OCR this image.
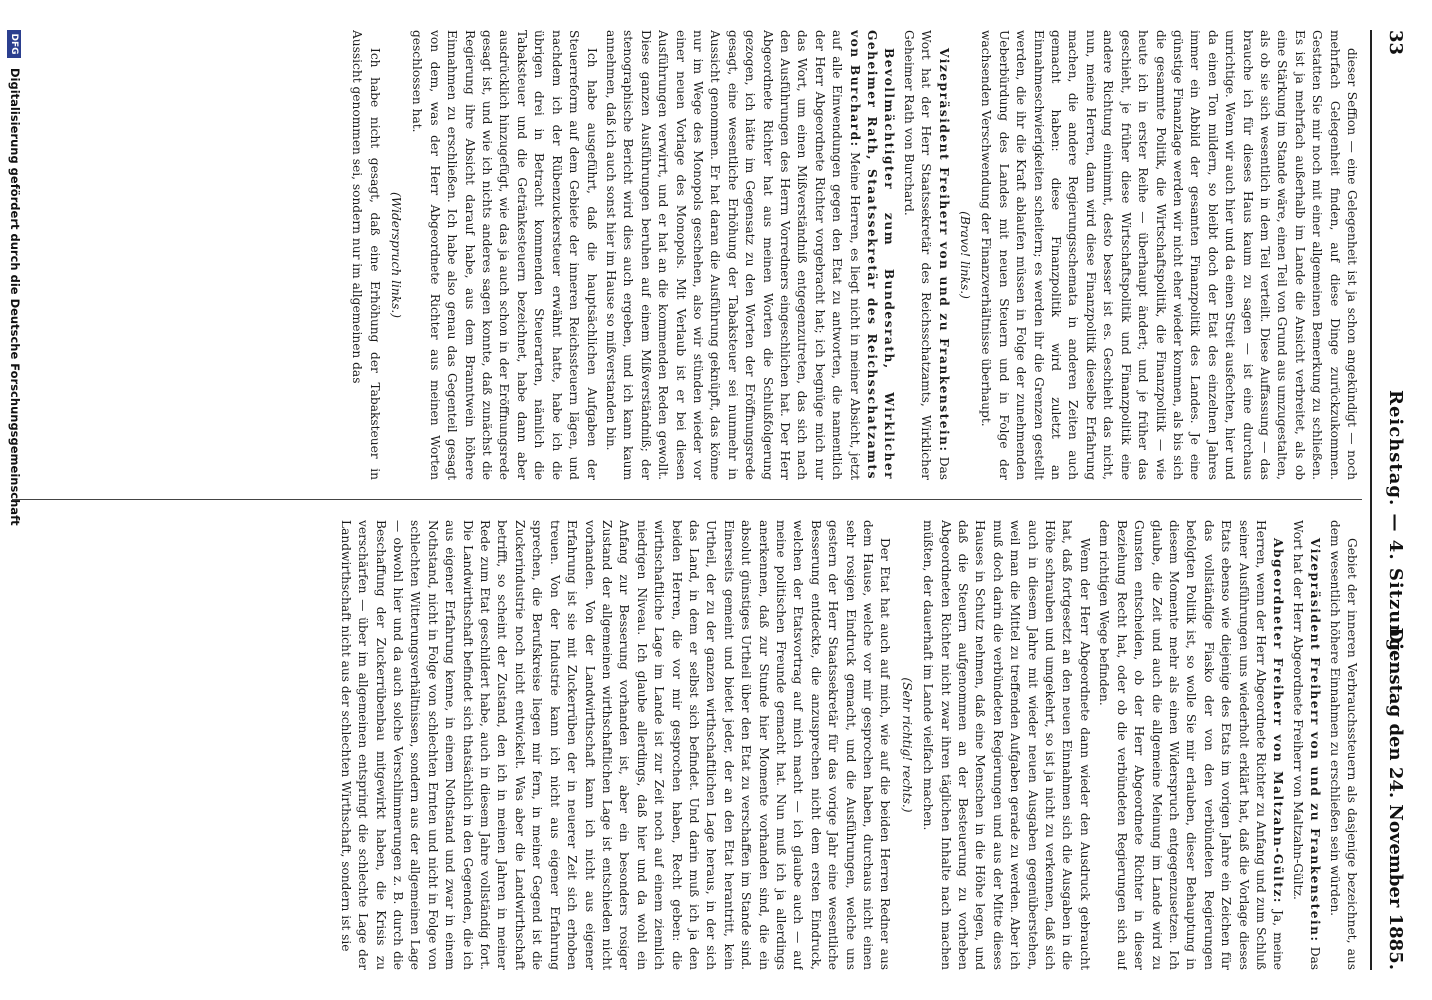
33
Reichstag. — 4. Sitzung.
Dienstag den 24. November 1885.

dieser Seffion — eine Gelegenheit ist ja schon angekündigt — noch mehrfach Gelegenheit finden, auf diese Dinge zurückzukommen. Gestatten Sie mir noch mit einer allgemeinen Bemerkung zu schließen. Es ist ja mehrfach außerhalb im Lande die Ansicht verbreitet, als ob eine Stärkung im Stande wäre, einen Teil von Grund aus umzugestalten, als ob sie sich wesentlich in dem Teil verteilt. Diese Auffassung — das brauche ich für dieses Haus kaum zu sagen — ist eine durchaus unrichtige. Wenn wir auch hier und da einen Streit ausfechten, hier und da einen Ton mildern, so bleibt doch der Etat des einzelnen Jahres immer ein Abbild der gesamten Finanzpolitik des Landes. Je eine günstige Finanzlage werden wir nicht eher wieder kommen, als bis sich die gesammte Politik, die Wirtschaftspolitik, die Finanzpolitik — wie heute ich in erster Reihe — überhaupt ändert; und je früher das geschieht, je früher diese Wirtschaftspolitik und Finanzpolitik eine andere Richtung einnimmt, desto besser ist es. Geschieht das nicht, nun, meine Herren, dann wird diese Finanzpolitik dieselbe Erfahrung machen, die andere Regierungsschemata in anderen Zeiten auch gemacht haben: diese Finanzpolitik wird zuletzt an Einnahmeschwierigkeiten scheitern; es werden ihr die Grenzen gestellt werden, die ihr die Kraft ablaufen müssen in Folge der zunehmenden Ueberbürdung des Landes mit neuen Steuern und in Folge der wachsenden Verschwendung der Finanzverhältnisse überhaupt.

(Bravo! links.)

Vizepräsident Freiherr von und zu Frankenstein: Das Wort hat der Herr Staatssekretär des Reichsschatzamts, Wirklicher Geheimer Rath von Burchard.

Bevollmächtigter zum Bundesrath, Wirklicher Geheimer Rath, Staatssekretär des Reichsschatzamts von Burchard: Meine Herren, es liegt nicht in meiner Absicht, jetzt auf alle Einwendungen gegen den Etat zu antworten, die namentlich der Herr Abgeordnete Richter vorgebracht hat; ich begnüge mich nur das Wort, um einen Mißverständniß entgegenzutreten, das sich nach den Ausführungen des Herrn Vorredners eingeschlichen hat. Der Herr Abgeordnete Richter hat aus meinen Worten die Schlußfolgerung gezogen, ich hätte im Gegensatz zu den Worten der Eröffnungsrede gesagt, eine wesentliche Erhöhung der Tabaksteuer sei nunmehr in Aussicht genommen. Er hat daran die Ausführung geknüpft, das könne nur im Wege des Monopols geschehen, also wir stünden wieder vor einer neuen Vorlage des Monopols. Mit Verlaub ist er bei diesen Ausführungen verwirrt, und er hat an die kommenden Reden gewollt. Diese ganzen Ausführungen beruhen auf einem Mißverständniß; der stenographische Bericht wird dies auch ergeben, und ich kann kaum annehmen, daß ich auch sonst hier im Hause so mißverstanden bin.

Ich habe ausgeführt, daß die hauptsächlichen Aufgaben der Steuerreform auf dem Gebiete der inneren Reichssteuern lägen, und nachdem ich der Rübenzuckersteuer erwähnt hatte, habe ich die übrigen drei in Betracht kommenden Steuerarten, nämlich die Tabaksteuer und die Getränkesteuern bezeichnet, habe dann aber ausdrücklich hinzugefügt, wie das ja auch schon in der Eröffnungsrede gesagt ist, und wie ich nichts anderes sagen konnte, daß zunächst die Regierung ihre Absicht darauf habe, aus dem Branntwein höhere Einnahmen zu erschließen. Ich habe also genau das Gegenteil gesagt von dem, was der Herr Abgeordnete Richter aus meinen Worten geschlossen hat.

(Widerspruch links.)

Ich habe nicht gesagt, daß eine Erhöhung der Tabaksteuer in Aussicht genommen sei, sondern nur im allgemeinen das

Gebiet der inneren Verbrauchssteuern als dasjenige bezeichnet, aus dem wesentlich höhere Einnahmen zu erschließen sein würden.

Vizepräsident Freiherr von und zu Frankenstein: Das Wort hat der Herr Abgeordnete Freiherr von Maltzahn-Gültz.

Abgeordneter Freiherr von Maltzahn-Gültz: Ja, meine Herren, wenn der Herr Abgeordnete Richter zu Anfang und zum Schluß seiner Ausführungen uns wiederholt erklärt hat, daß die Vorlage dieses Etats ebenso wie diejenige des Etats im vorigen Jahre ein Zeichen für das vollständige Fiasko der von den verbündeten Regierungen befolgten Politik ist, so wolle Sie mir erlauben, dieser Behauptung in diesem Momente mehr als einen Widerspruch entgegenzusetzen. Ich glaube, die Zeit und auch die allgemeine Meinung im Lande wird zu Gunsten entscheiden, ob der Herr Abgeordnete Richter in dieser Beziehung Recht hat, oder ob die verbündeten Regierungen sich auf dem richtigen Wege befinden.

Wenn der Herr Abgeordnete dann wieder den Ausdruck gebraucht hat, daß fortgesetzt an den neuen Einnahmen sich die Ausgaben in die Höhe schrauben und umgekehrt, so ist ja nicht zu verkennen, daß sich auch in diesem Jahre mit wieder neuen Ausgaben gegenüberstehen, weil man die Mittel zu treffenden Aufgaben gerade zu werden. Aber ich muß doch darin die verbündeten Regierungen und aus der Mitte dieses Hauses in Schutz nehmen, daß eine Menschen in die Höhe legen, und daß die Steuern aufgenommen an der Besteuerung zu vorheben Abgeordneten Richter nicht zwar ihren täglichen Inhalte nach machen müßten, der dauerhaft im Lande vielfach machen.

(Sehr richtig! rechts.)

Der Etat hat auch auf mich, wie auf die beiden Herren Redner aus dem Hause, welche vor mir gesprochen haben, durchaus nicht einen sehr rosigen Eindruck gemacht, und die Ausführungen, welche uns gestern der Herr Staatssekretär für das vorige Jahr eine wesentliche Besserung entdeckte, die anzusprechen nicht dem ersten Eindruck, welchen der Etatsvortrag auf mich macht — ich glaube auch — auf meine politischen Freunde gemacht hat. Nun muß ich ja allerdings anerkennen, daß zur Stunde hier Momente vorhanden sind, die ein absolut günstiges Urtheil über den Etat zu verschaffen im Stande sind. Einerseits gemeint und bietet jeder, der an den Etat herantritt, kein Urtheil, der zu der ganzen wirthschaftlichen Lage heraus, in der sich das Land, in dem er selbst sich befindet. Und darin muß ich ja den beiden Herren, die vor mir gesprochen haben, Recht geben: die wirthschaftliche Lage im Lande ist zur Zeit noch auf einem ziemlich niedrigen Niveau. Ich glaube allerdings, daß hier und da wohl ein Anfang zur Besserung vorhanden ist, aber ein besonders rosiger Zustand der allgemeinen wirthschaftlichen Lage ist entschieden nicht vorhanden. Von der Landwirthschaft kann ich nicht aus eigener Erfahrung ist sie mit Zuckerrüben der in neuerer Zeit sich erhoben treuen. Von der Industrie kann ich nicht aus eigener Erfahrung sprechen, die Berufskreise liegen mir fern, in meiner Gegend ist die Zuckerindustrie noch nicht entwickelt. Was aber die Landwirthschaft betrifft, so scheint der Zustand, den ich in meinen Jahren in meiner Rede zum Etat geschildert habe, auch in diesem Jahre vollständig fort. Die Landwirthschaft befindet sich thatsächlich in den Gegenden, die ich aus eigener Erfahrung kenne, in einem Nothstand und zwar in einem Nothstand, nicht in Folge von schlechten Ernten und nicht in Folge von schlechten Witterungsverhältnissen, sondern aus der allgemeinen Lage — obwohl hier und da auch solche Verschlimmerungen z. B. durch die Beschaffung der Zuckerrübenbau mitgewirkt haben, die Krisis zu verschärfen — über im allgemeinen entspringt die schlechte Lage der Landwirthschaft nicht aus der schlechten Wirthschaft, sondern ist sie

DFG Digitalisierung gefördert durch die Deutsche Forschungsgemeinschaft
